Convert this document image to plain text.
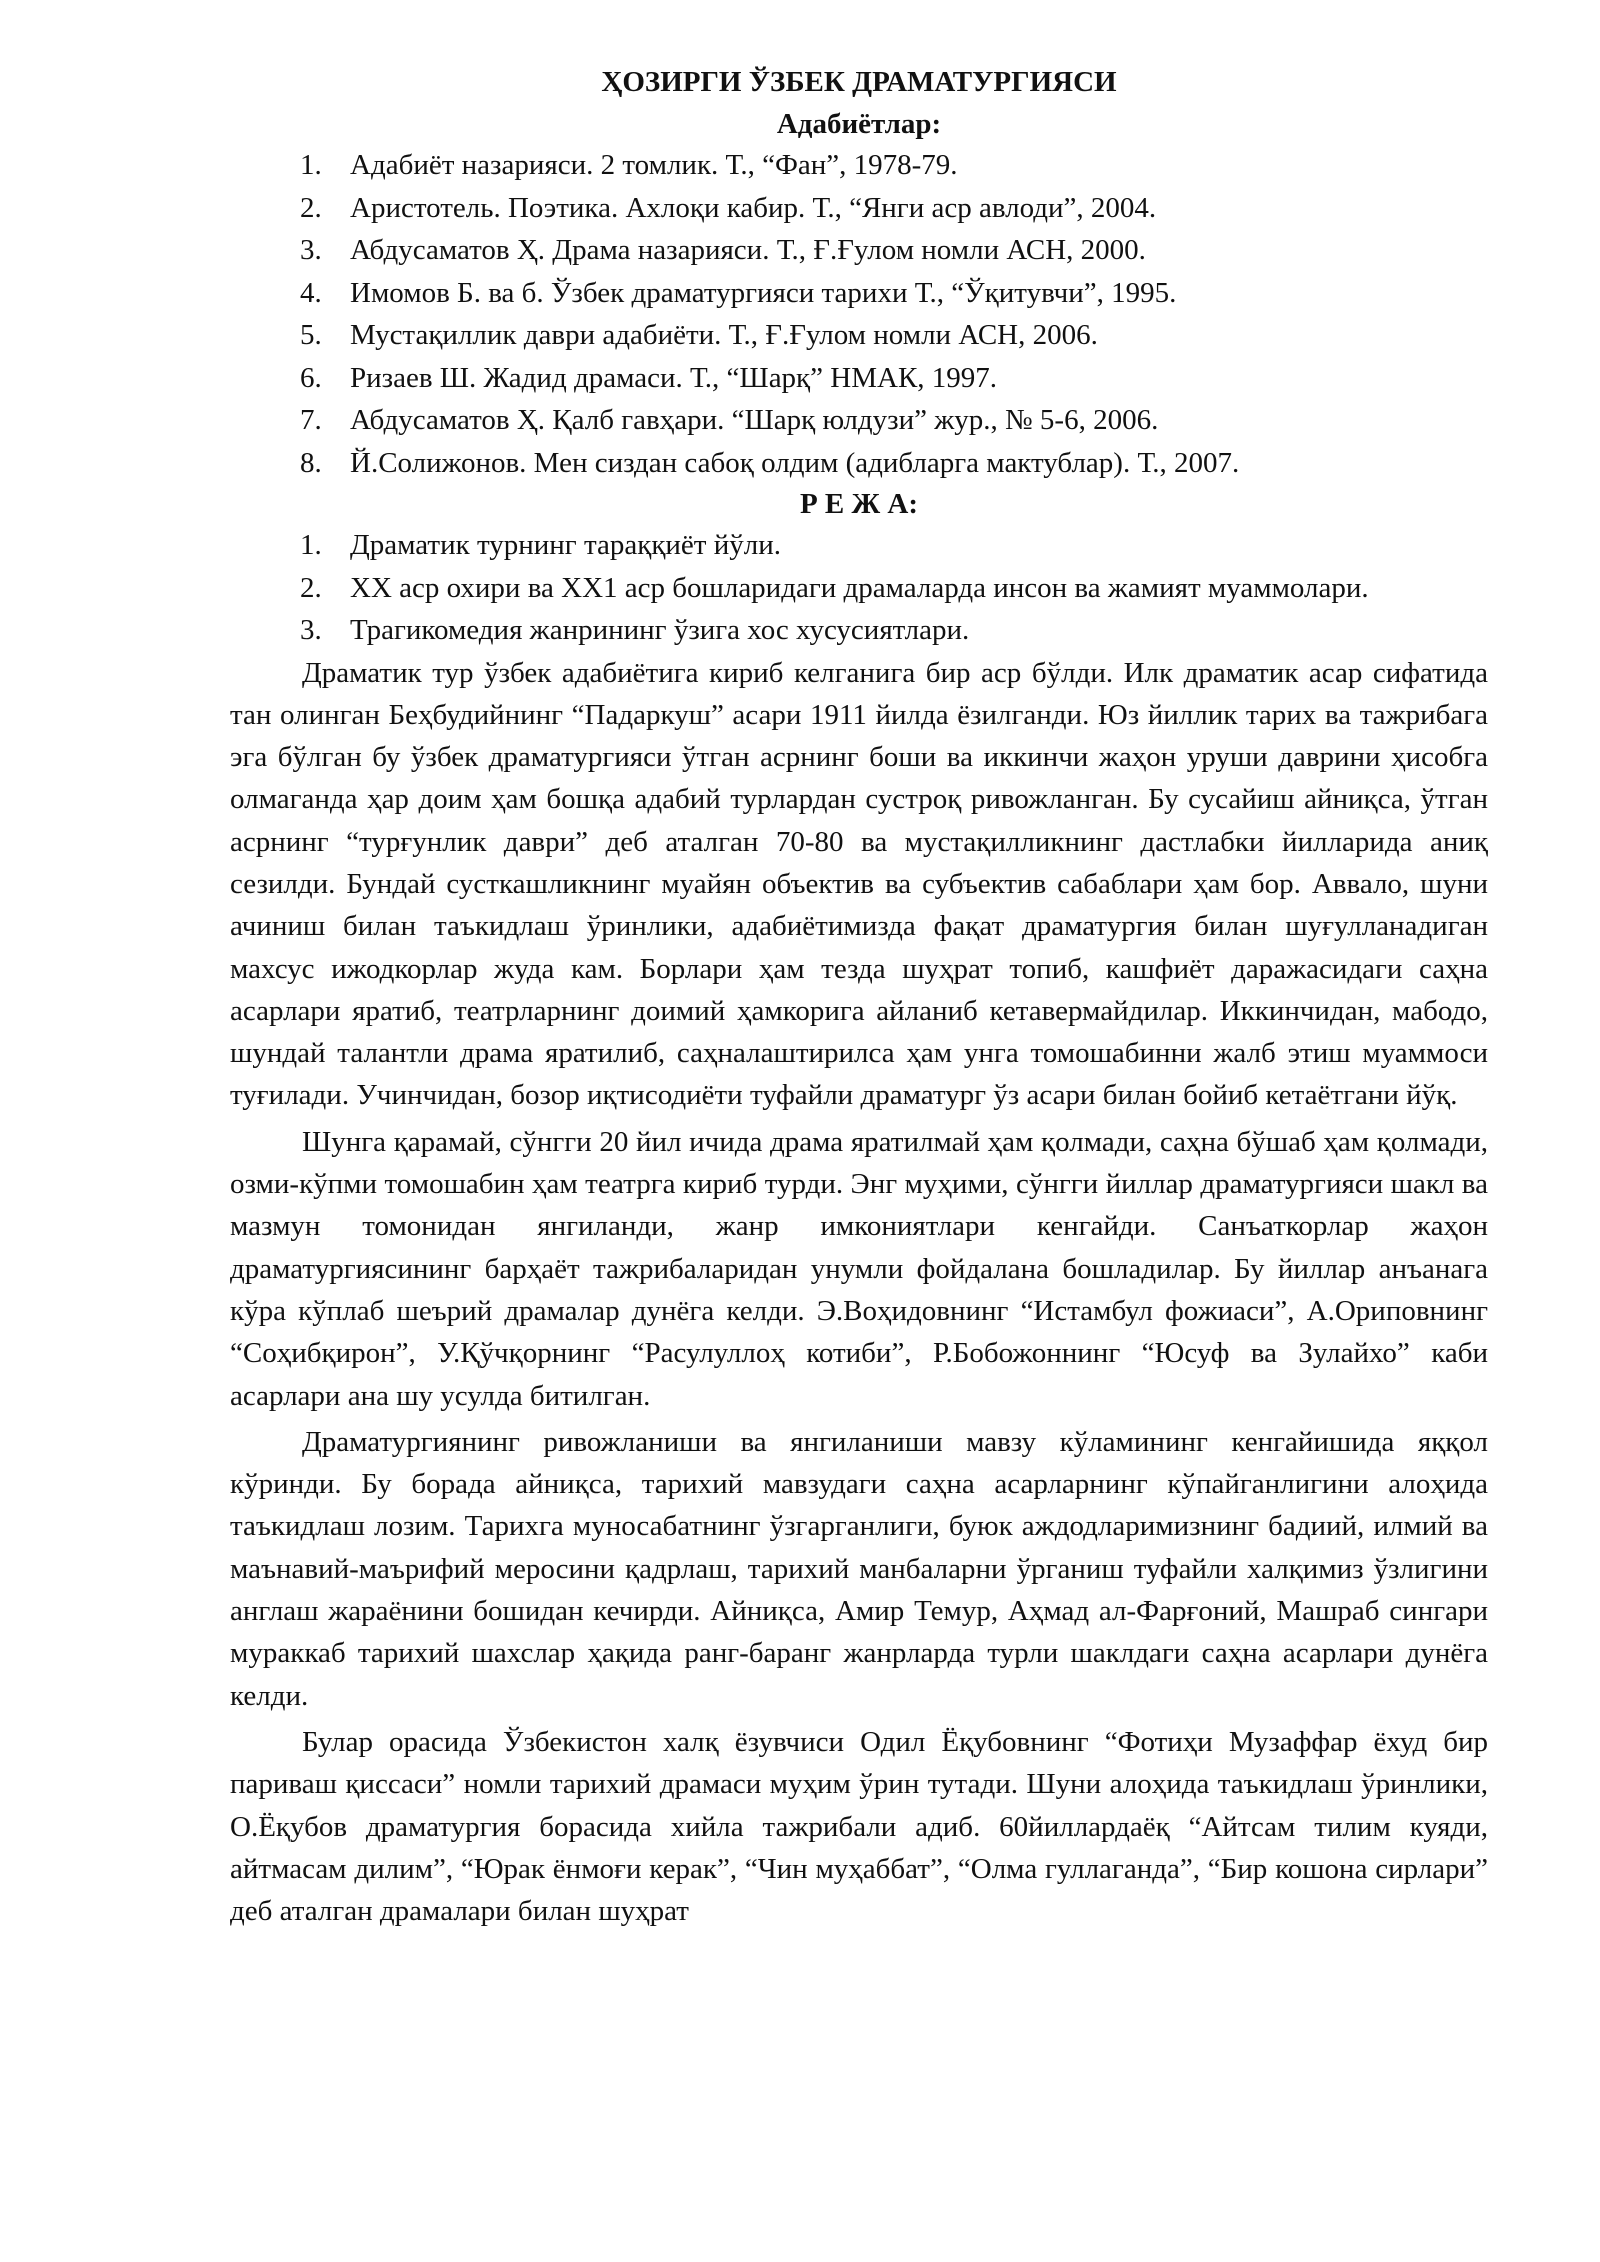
ҲОЗИРГИ ЎЗБЕК ДРАМАТУРГИЯСИ
Адабиётлар:
1. Адабиёт назарияси. 2 томлик. Т., “Фан”, 1978-79.
2. Аристотель. Поэтика. Ахлоқи кабир. Т., “Янги аср авлоди”, 2004.
3. Абдусаматов Ҳ. Драма назарияси. Т., Ғ.Ғулом номли АСН, 2000.
4. Имомов Б. ва б. Ўзбек драматургияси тарихи Т., “Ўқитувчи”, 1995.
5. Мустақиллик даври адабиёти. Т., Ғ.Ғулом номли АСН, 2006.
6. Ризаев Ш. Жадид драмаси. Т., “Шарқ” НМАК, 1997.
7. Абдусаматов Ҳ. Қалб гавҳари. “Шарқ юлдузи” жур., № 5-6, 2006.
8. Й.Солижонов. Мен сиздан сабоқ олдим (адибларга мактублар). Т., 2007.
Р Е Ж А:
1. Драматик турнинг тараққиёт йўли.
2. XX аср охири ва XX1 аср бошларидаги драмаларда инсон ва жамият муаммолари.
3. Трагикомедия жанрининг ўзига хос хусусиятлари.

Драматик тур ўзбек адабиётига кириб келганига бир аср бўлди. Илк драматик асар сифатида тан олинган Беҳбудийнинг “Падаркуш” асари 1911 йилда ёзилганди. Юз йиллик тарих ва тажрибага эга бўлган бу ўзбек драматургияси ўтган асрнинг боши ва иккинчи жаҳон уруши даврини ҳисобга олмаганда ҳар доим ҳам бошқа адабий турлардан сустроқ ривожланган. Бу сусайиш айниқса, ўтган асрнинг “турғунлик даври” деб аталган 70-80 ва мустақилликнинг дастлабки йилларида аниқ сезилди. Бундай сусткашликнинг муайян объектив ва субъектив сабаблари ҳам бор. Аввало, шуни ачиниш билан таъкидлаш ўринлики, адабиётимизда фақат драматургия билан шуғулланадиган махсус ижодкорлар жуда кам. Борлари ҳам тезда шуҳрат топиб, кашфиёт даражасидаги саҳна асарлари яратиб, театрларнинг доимий ҳамкорига айланиб кетавермайдилар. Иккинчидан, мабодо, шундай талантли драма яратилиб, саҳналаштирилса ҳам унга томошабинни жалб этиш муаммоси туғилади. Учинчидан, бозор иқтисодиёти туфайли драматург ўз асари билан бойиб кетаётгани йўқ.

Шунга қарамай, сўнгги 20 йил ичида драма яратилмай ҳам қолмади, саҳна бўшаб ҳам қолмади, озми-кўпми томошабин ҳам театрга кириб турди. Энг муҳими, сўнгги йиллар драматургияси шакл ва мазмун томонидан янгиланди, жанр имкониятлари кенгайди. Санъаткорлар жаҳон драматургиясининг барҳаёт тажрибаларидан унумли фойдалана бошладилар. Бу йиллар анъанага кўра кўплаб шеърий драмалар дунёга келди. Э.Воҳидовнинг “Истамбул фожиаси”, А.Ориповнинг “Соҳибқирон”, У.Қўчқорнинг “Расулуллоҳ котиби”, Р.Бобожоннинг “Юсуф ва Зулайхо” каби асарлари ана шу усулда битилган.

Драматургиянинг ривожланиши ва янгиланиши мавзу кўламининг кенгайишида яққол кўринди. Бу борада айниқса, тарихий мавзудаги саҳна асарларнинг кўпайганлигини алоҳида таъкидлаш лозим. Тарихга муносабатнинг ўзгарганлиги, буюк аждодларимизнинг бадиий, илмий ва маънавий-маърифий меросини қадрлаш, тарихий манбаларни ўрганиш туфайли халқимиз ўзлигини англаш жараёнини бошидан кечирди. Айниқса, Амир Темур, Аҳмад ал-Фарғоний, Машраб сингари мураккаб тарихий шахслар ҳақида ранг-баранг жанрларда турли шаклдаги саҳна асарлари дунёга келди.

Булар орасида Ўзбекистон халқ ёзувчиси Одил Ёқубовнинг “Фотиҳи Музаффар ёхуд бир париваш қиссаси” номли тарихий драмаси муҳим ўрин тутади. Шуни алоҳида таъкидлаш ўринлики, О.Ёқубов драматургия борасида хийла тажрибали адиб. 60йиллардаёқ “Айтсам тилим куяди, айтмасам дилим”, “Юрак ёнмоғи керак”, “Чин муҳаббат”, “Олма гуллаганда”, “Бир кошона сирлари” деб аталган драмалари билан шуҳрат
